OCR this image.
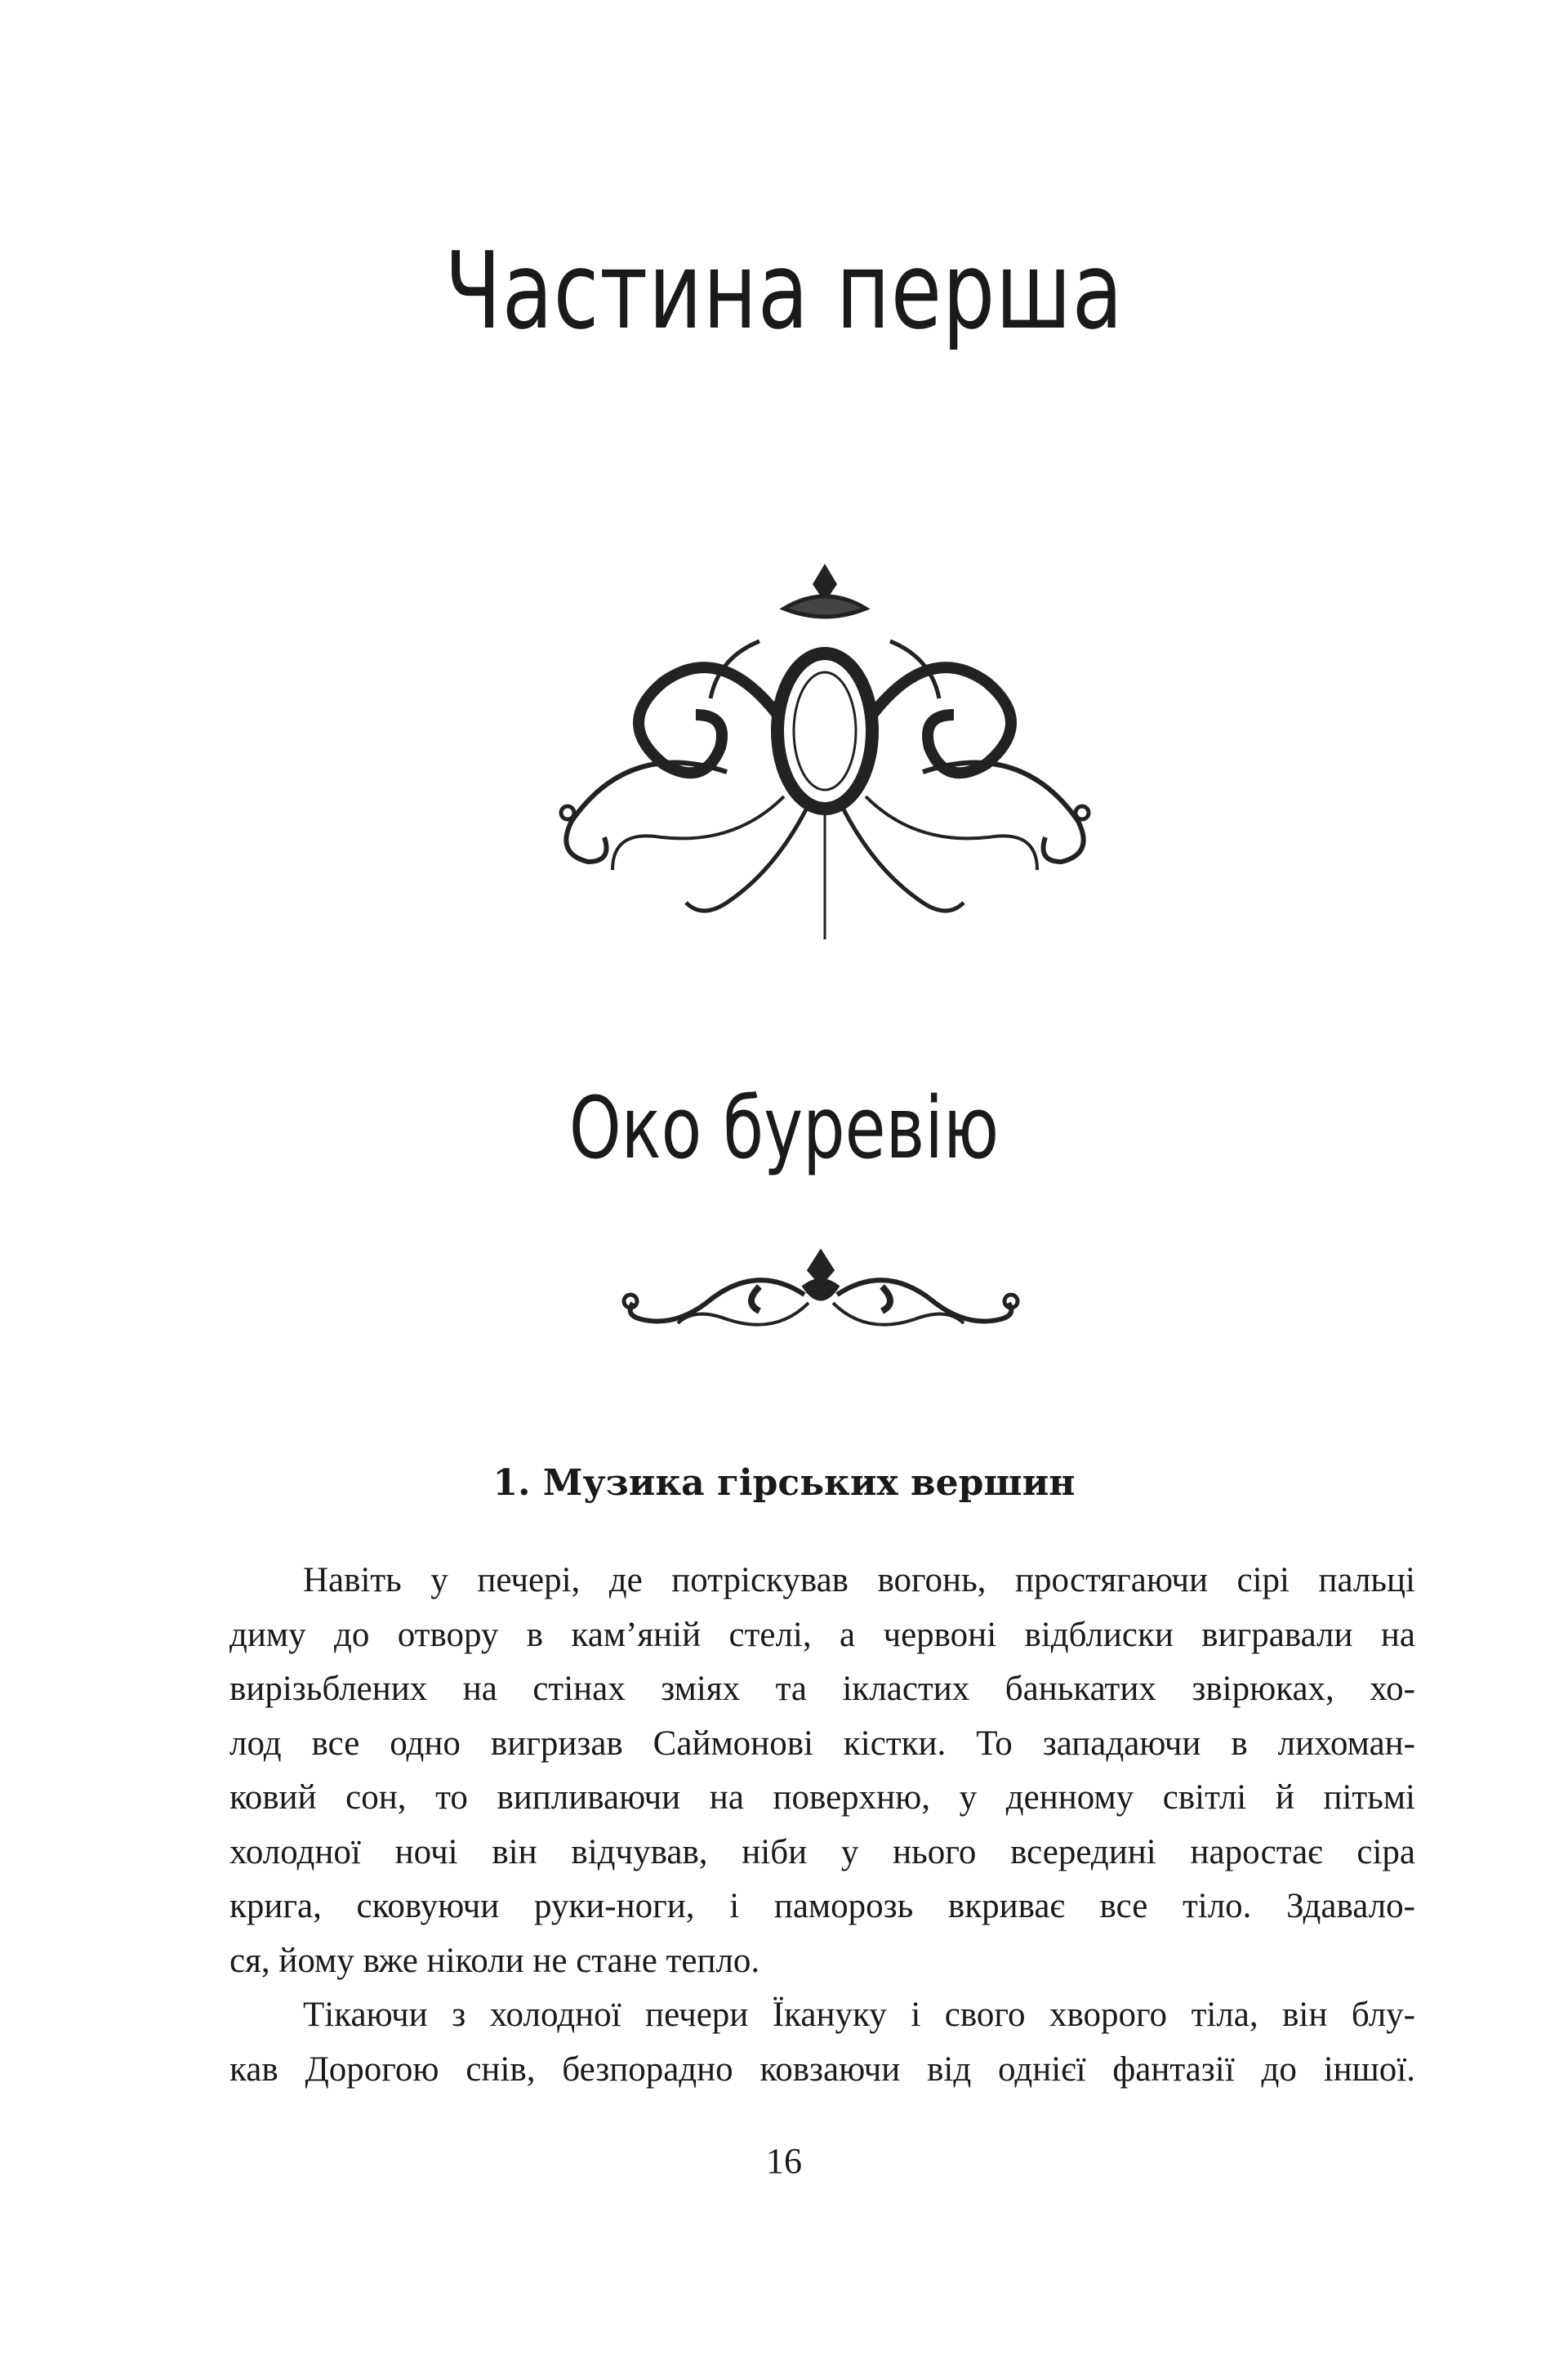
Частина перша
Око буревію
1. Музика гірських вершин
Навіть у печері, де потріскував вогонь, простягаючи сірі пальці
диму до отвору в кам’яній стелі, а червоні відблиски вигравали на
вирізьблених на стінах зміях та ікластих банькатих звірюках, хо-
лод все одно вигризав Саймонові кістки. То западаючи в лихоман-
ковий сон, то випливаючи на поверхню, у денному світлі й пітьмі
холодної ночі він відчував, ніби у нього всередині наростає сіра
крига, сковуючи руки-ноги, і паморозь вкриває все тіло. Здавало-
ся, йому вже ніколи не стане тепло.
Тікаючи з холодної печери Їкануку і свого хворого тіла, він блу-
кав Дорогою снів, безпорадно ковзаючи від однієї фантазії до іншої.
16
